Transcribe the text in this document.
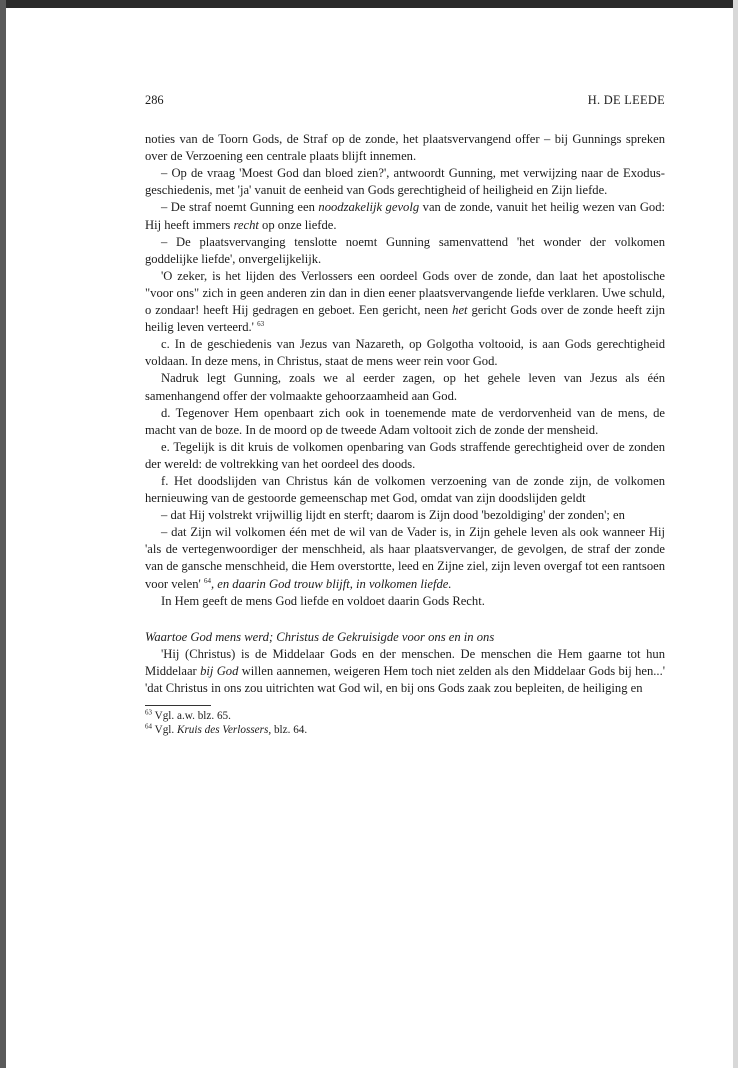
286	H. DE LEEDE

noties van de Toorn Gods, de Straf op de zonde, het plaatsvervangend offer – bij Gunnings spreken over de Verzoening een centrale plaats blijft innemen.

– Op de vraag 'Moest God dan bloed zien?', antwoordt Gunning, met verwijzing naar de Exodus-geschiedenis, met 'ja' vanuit de eenheid van Gods gerechtigheid of heiligheid en Zijn liefde.

– De straf noemt Gunning een noodzakelijk gevolg van de zonde, vanuit het heilig wezen van God: Hij heeft immers recht op onze liefde.

– De plaatsvervanging tenslotte noemt Gunning samenvattend 'het wonder der volkomen goddelijke liefde', onvergelijkelijk.

'O zeker, is het lijden des Verlossers een oordeel Gods over de zonde, dan laat het apostolische "voor ons" zich in geen anderen zin dan in dien eener plaatsvervangende liefde verklaren. Uwe schuld, o zondaar! heeft Hij gedragen en geboet. Een gericht, neen het gericht Gods over de zonde heeft zijn heilig leven verteerd.' $^{63}$

c. In de geschiedenis van Jezus van Nazareth, op Golgotha voltooid, is aan Gods gerechtigheid voldaan. In deze mens, in Christus, staat de mens weer rein voor God.

Nadruk legt Gunning, zoals we al eerder zagen, op het gehele leven van Jezus als één samenhangend offer der volmaakte gehoorzaamheid aan God.

d. Tegenover Hem openbaart zich ook in toenemende mate de verdorvenheid van de mens, de macht van de boze. In de moord op de tweede Adam voltooit zich de zonde der mensheid.

e. Tegelijk is dit kruis de volkomen openbaring van Gods straffende gerechtigheid over de zonden der wereld: de voltrekking van het oordeel des doods.

f. Het doodslijden van Christus kán de volkomen verzoening van de zonde zijn, de volkomen hernieuwing van de gestoorde gemeenschap met God, omdat van zijn doodslijden geldt

– dat Hij volstrekt vrijwillig lijdt en sterft; daarom is Zijn dood 'bezoldiging' der zonden'; en

– dat Zijn wil volkomen één met de wil van de Vader is, in Zijn gehele leven als ook wanneer Hij 'als de vertegenwoordiger der menschheid, als haar plaatsvervanger, de gevolgen, de straf der zonde van de gansche menschheid, die Hem overstortte, leed en Zijne ziel, zijn leven overgaf tot een rantsoen voor velen' $^{64}$, en daarin God trouw blijft, in volkomen liefde.

In Hem geeft de mens God liefde en voldoet daarin Gods Recht.

Waartoe God mens werd; Christus de Gekruisigde voor ons en in ons

'Hij (Christus) is de Middelaar Gods en der menschen. De menschen die Hem gaarne tot hun Middelaar bij God willen aannemen, weigeren Hem toch niet zelden als den Middelaar Gods bij hen...' 'dat Christus in ons zou uitrichten wat God wil, en bij ons Gods zaak zou bepleiten, de heiliging en

$^{63}$ Vgl. a.w. blz. 65.

$^{64}$ Vgl. Kruis des Verlossers, blz. 64.
